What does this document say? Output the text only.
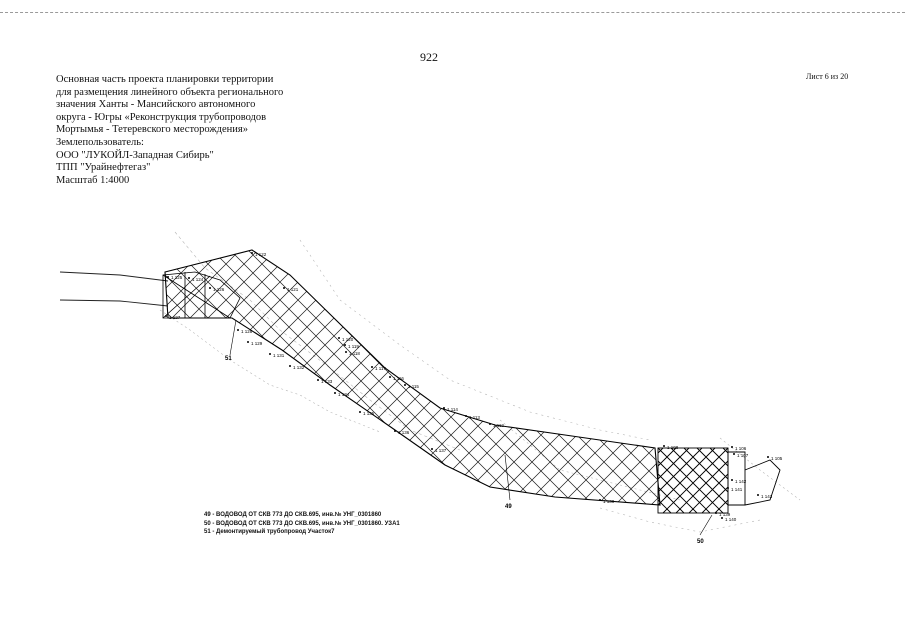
922
Лист 6 из 20
Основная часть проекта планировки территории
для размещения линейного объекта регионального
значения Ханты - Мансийского автономного
округа - Югры «Реконструкция трубопроводов
Мортымья - Тетеревского месторождения»
Землепользователь:
ООО "ЛУКОЙЛ-Западная Сибирь"
ТПП "Урайнефтегаз"
Масштаб 1:4000
1 122
1 121
1 124
1 125
1 126
1 127
1 128
1 129
1 120
1 119
1 118
1 117
1 116
1 115
1 114
1 113
1 112
1 131
1 132
1 133
1 134
1 135
1 136
1 137
1 138
1 139
1 140
1 141
1 142
1 143
1 105
1 106
1 107
1 108
51
49
50
49 - ВОДОВОД ОТ СКВ 773 ДО СКВ.695, инв.№ УНГ_0301860
50 - ВОДОВОД ОТ СКВ 773 ДО СКВ.695, инв.№ УНГ_0301860. УЗА1
51 - Демонтируемый трубопровод Участок7
